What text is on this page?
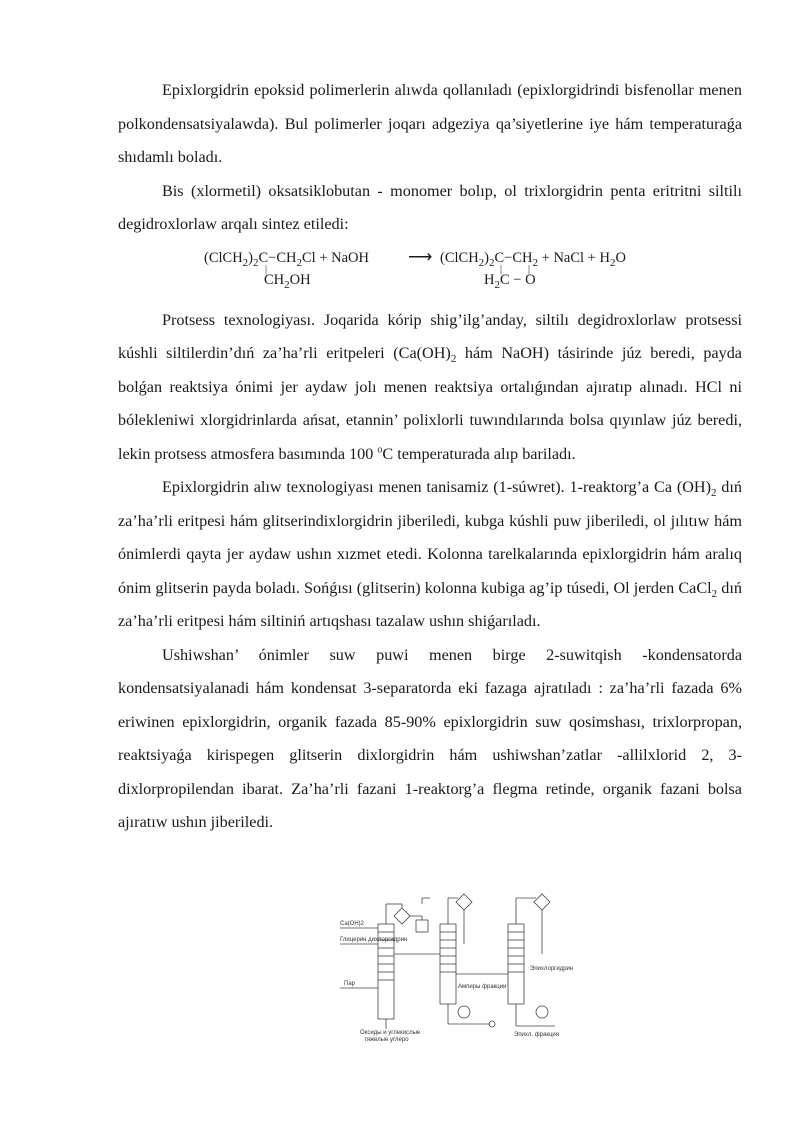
Epixlorgidrin epoksid polimerlerin alıwda qollanıladı (epixlorgidrindi bisfenollar menen polkondensatsiyalawda). Bul polimerler joqarı adgeziya qa’siyetlerine iye hám temperaturaǵa shıdamlı boladı.

Bis (xlormetil) oksatsiklobutan - monomer bolıp, ol trixlorgidrin penta eritritni siltilı degidroxlorlaw arqalı sintez etiledi:

$(ClCH_2)_2C-CH_2Cl$ + NaOH
|
$CH_2OH$
⟶ $(ClCH_2)_2C-CH_2$ + NaCl + $H_2O$
|	|
$H_2C - O$

Protsess texnologiyası. Joqarida kórip shig’ilg’anday, siltilı degidroxlorlaw protsessi kúshli siltilerdin’dıń za’ha’rli eritpeleri ($Ca(OH)_2$ hám NaOH) tásirinde júz beredi, payda bolǵan reaktsiya ónimi jer aydaw jolı menen reaktsiya ortalıǵından ajıratıp alınadı. HCl ni bólekleniwi xlorgidrinlarda ańsat, etannin’ polixlorli tuwındılarında bolsa qıyınlaw júz beredi, lekin protsess atmosfera basımında 100 $^o$C temperaturada alıp bariladı.

Epixlorgidrin alıw texnologiyası menen tanisamiz (1-súwret). 1-reaktorg’a Ca $(OH)_2$ dıń za’ha’rli eritpesi hám glitserindixlorgidrin jiberiledi, kubga kúshli puw jiberiledi, ol jılıtıw hám ónimlerdi qayta jer aydaw ushın xızmet etedi. Kolonna tarelkalarında epixlorgidrin hám aralıq ónim glitserin payda boladı. Sońǵısı (glitserin) kolonna kubiga ag’ip túsedi, Ol jerden CaCl$_2$ dıń za’ha’rli eritpesi hám siltiniń artıqshası tazalaw ushın shiǵarıladı.

Ushiwshan’ ónimler suw puwi menen birge 2-suwitqish -kondensatorda kondensatsiyalanadi hám kondensat 3-separatorda eki fazaga ajratıladı : za’ha’rli fazada 6% eriwinen epixlorgidrin, organik fazada 85-90% epixlorgidrin suw qosimshası, trixlorpropan, reaktsiyaǵa kirispegen glitserin dixlorgidrin hám ushiwshan’zatlar -allilxlorid 2, 3-dixlorpropilendan ibarat. Za’ha’rli fazani 1-reaktorg’a flegma retinde, organik fazani bolsa ajıratıw ushın jiberiledi.

Ca(OH)2
Глицерин дихлоргидрин
Пар
Оксиды и углекислые
тяжелые углеро
Ампиры фракции
Эпихлоргидрин
Эпихл. фракция
